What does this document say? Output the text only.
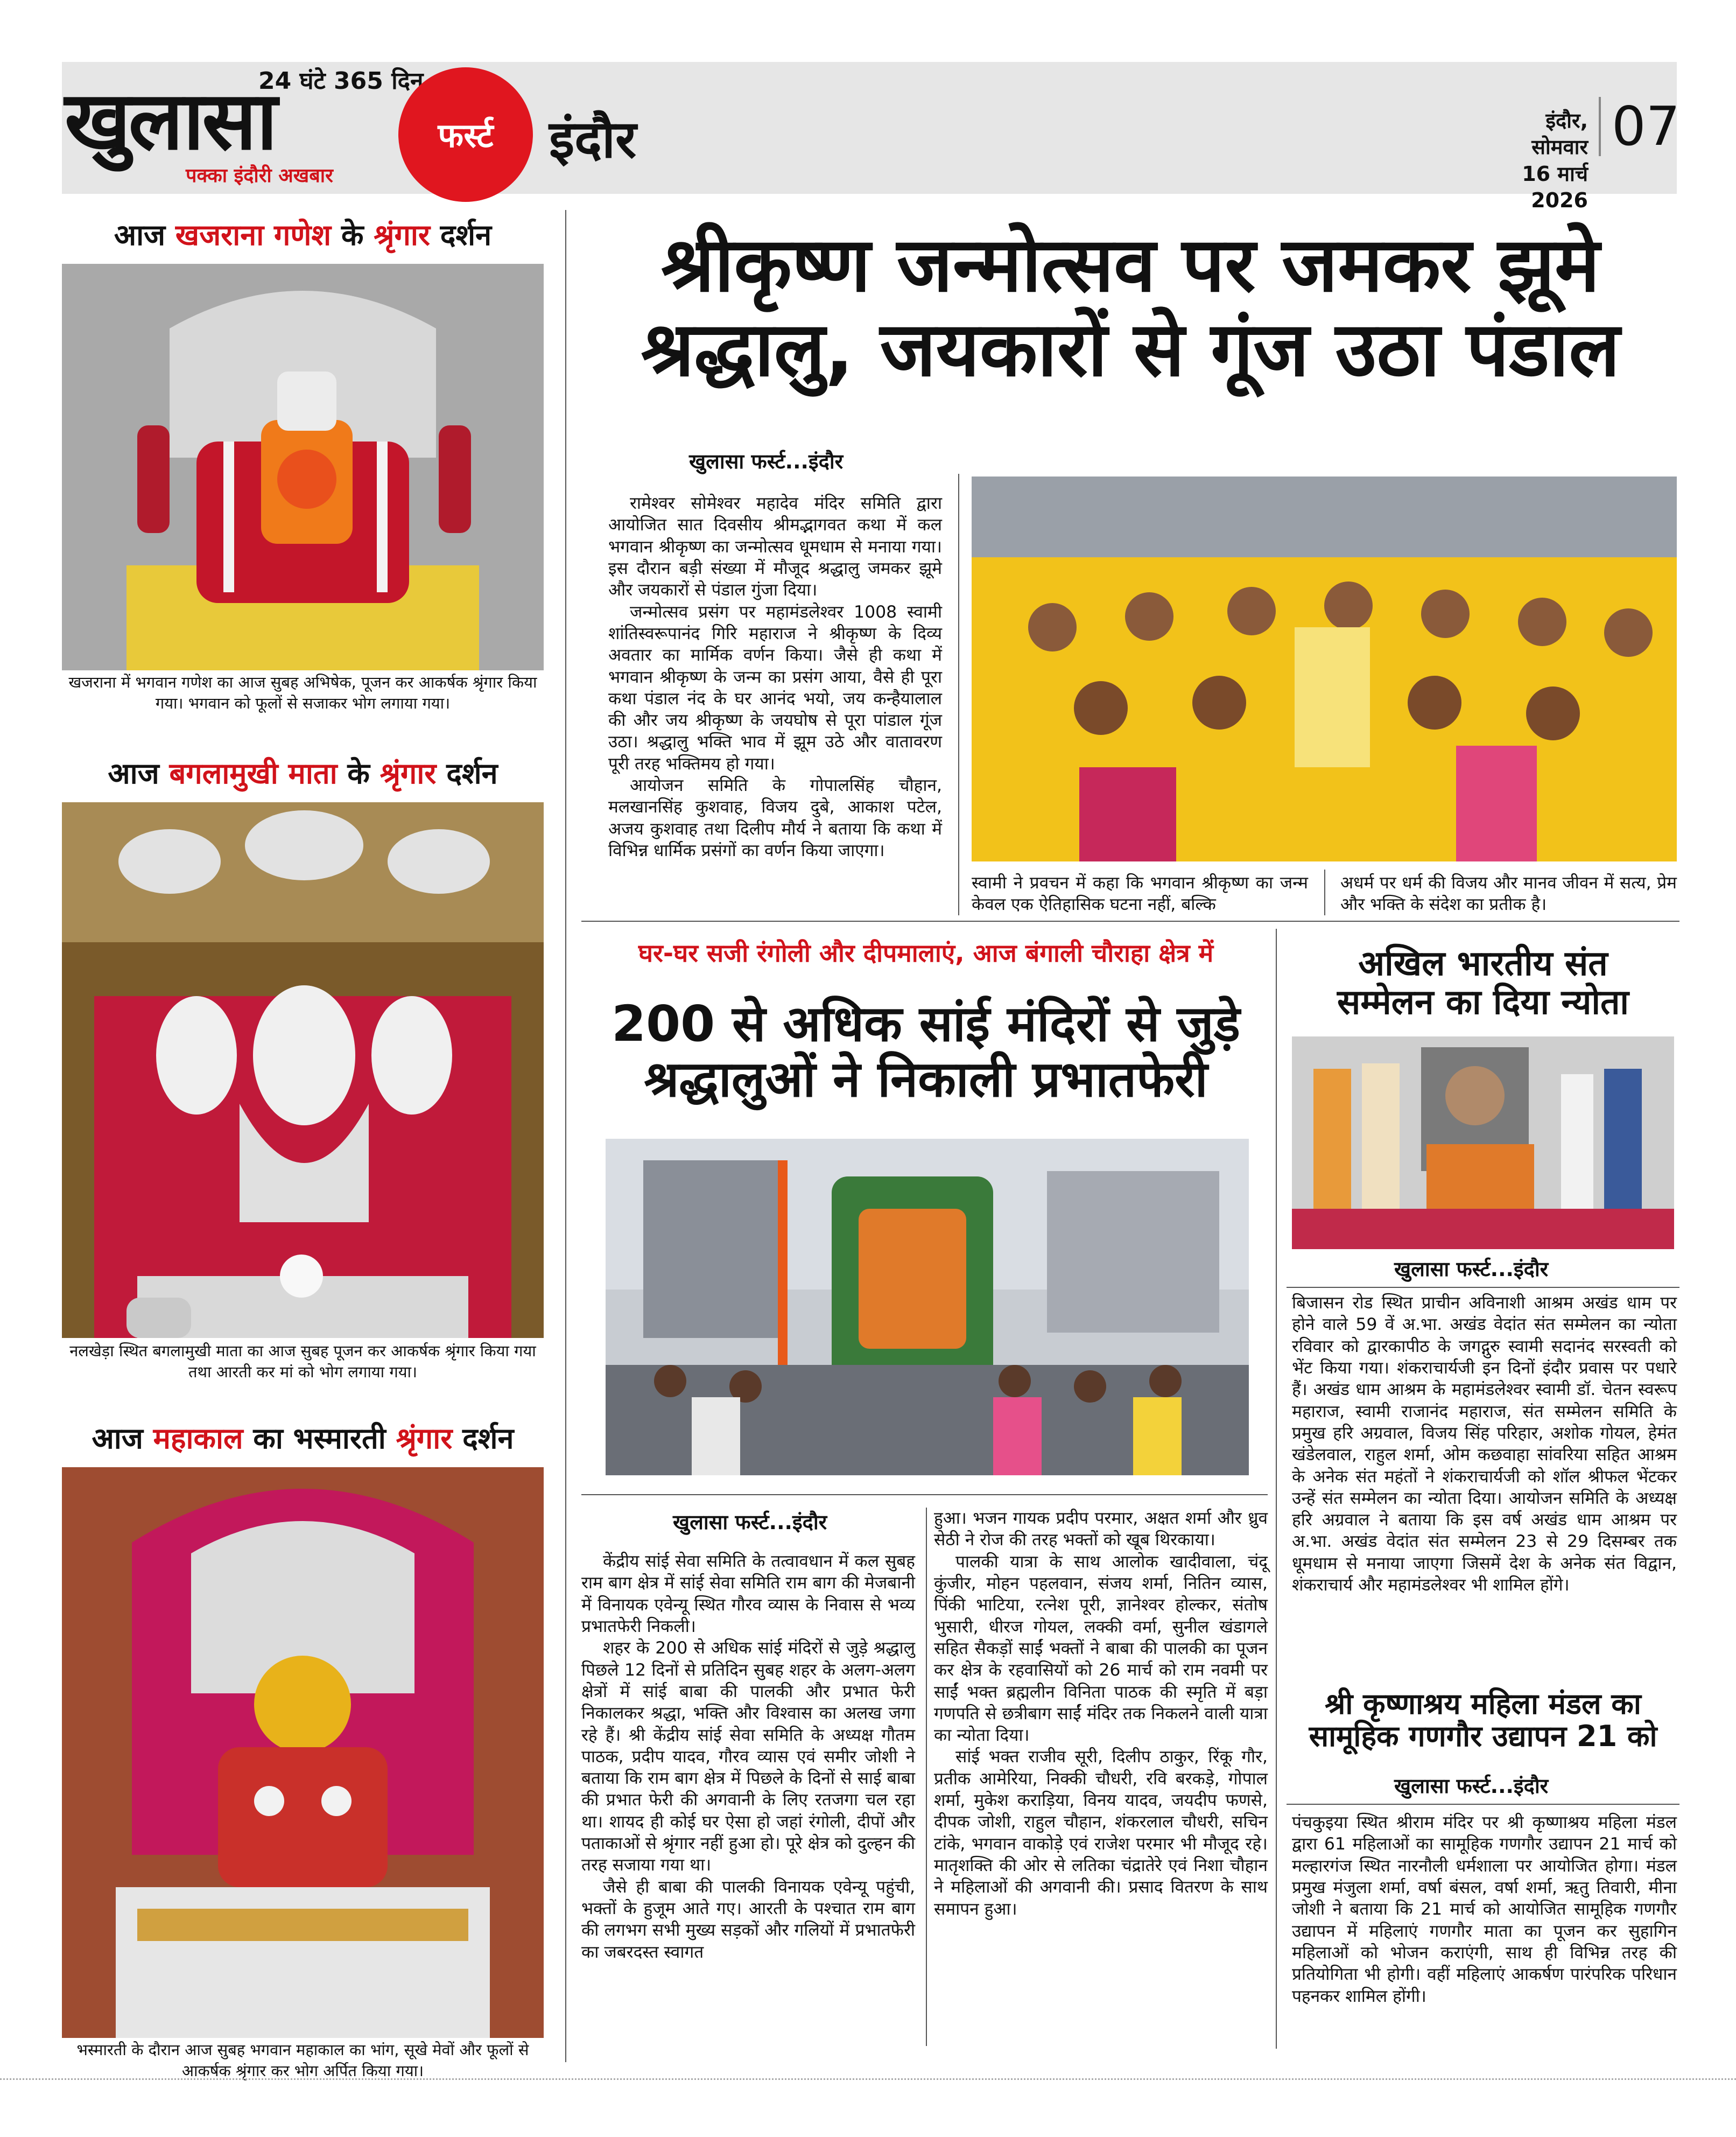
24 घंटे 365 दिन
खुलासा
पक्का इंदौरी अखबार
फर्स्ट इंदौर	इंदौर, सोमवार
16 मार्च 2026
07
आज खजराना गणेश के श्रृंगार दर्शन
खजराना में भगवान गणेश का आज सुबह अभिषेक, पूजन कर आकर्षक श्रृंगार किया गया। भगवान को फूलों से सजाकर भोग लगाया गया।
आज बगलामुखी माता के श्रृंगार दर्शन
नलखेड़ा स्थित बगलामुखी माता का आज सुबह पूजन कर आकर्षक श्रृंगार किया गया तथा आरती कर मां को भोग लगाया गया।
आज महाकाल का भस्मारती श्रृंगार दर्शन
भस्मारती के दौरान आज सुबह भगवान महाकाल का भांग, सूखे मेवों और फूलों से आकर्षक श्रृंगार कर भोग अर्पित किया गया।
श्रीकृष्ण जन्मोत्सव पर जमकर झूमे
श्रद्धालु, जयकारों से गूंज उठा पंडाल
खुलासा फर्स्ट...इंदौर

रामेश्वर सोमेश्वर महादेव मंदिर समिति द्वारा आयोजित सात दिवसीय श्रीमद्भागवत कथा में कल भगवान श्रीकृष्ण का जन्मोत्सव धूमधाम से मनाया गया। इस दौरान बड़ी संख्या में मौजूद श्रद्धालु जमकर झूमे और जयकारों से पंडाल गुंजा दिया।

जन्मोत्सव प्रसंग पर महामंडलेश्वर 1008 स्वामी शांतिस्वरूपानंद गिरि महाराज ने श्रीकृष्ण के दिव्य अवतार का मार्मिक वर्णन किया। जैसे ही कथा में भगवान श्रीकृष्ण के जन्म का प्रसंग आया, वैसे ही पूरा कथा पंडाल नंद के घर आनंद भयो, जय कन्हैयालाल की और जय श्रीकृष्ण के जयघोष से पूरा पांडाल गूंज उठा। श्रद्धालु भक्ति भाव में झूम उठे और वातावरण पूरी तरह भक्तिमय हो गया।

आयोजन समिति के गोपालसिंह चौहान, मलखानसिंह कुशवाह, विजय दुबे, आकाश पटेल, अजय कुशवाह तथा दिलीप मौर्य ने बताया कि कथा में विभिन्न धार्मिक प्रसंगों का वर्णन किया जाएगा।

स्वामी ने प्रवचन में कहा कि भगवान श्रीकृष्ण का जन्म केवल एक ऐतिहासिक घटना नहीं, बल्कि
अधर्म पर धर्म की विजय और मानव जीवन में सत्य, प्रेम और भक्ति के संदेश का प्रतीक है।
घर-घर सजी रंगोली और दीपमालाएं, आज बंगाली चौराहा क्षेत्र में
200 से अधिक सांई मंदिरों से जुड़े
श्रद्धालुओं ने निकाली प्रभातफेरी
खुलासा फर्स्ट...इंदौर

केंद्रीय सांई सेवा समिति के तत्वावधान में कल सुबह राम बाग क्षेत्र में सांई सेवा समिति राम बाग की मेजबानी में विनायक एवेन्यू स्थित गौरव व्यास के निवास से भव्य प्रभातफेरी निकली।

शहर के 200 से अधिक सांई मंदिरों से जुड़े श्रद्धालु पिछले 12 दिनों से प्रतिदिन सुबह शहर के अलग-अलग क्षेत्रों में सांई बाबा की पालकी और प्रभात फेरी निकालकर श्रद्धा, भक्ति और विश्वास का अलख जगा रहे हैं। श्री केंद्रीय सांई सेवा समिति के अध्यक्ष गौतम पाठक, प्रदीप यादव, गौरव व्यास एवं समीर जोशी ने बताया कि राम बाग क्षेत्र में पिछले के दिनों से साई बाबा की प्रभात फेरी की अगवानी के लिए रतजगा चल रहा था। शायद ही कोई घर ऐसा हो जहां रंगोली, दीपों और पताकाओं से श्रृंगार नहीं हुआ हो। पूरे क्षेत्र को दुल्हन की तरह सजाया गया था।

जैसे ही बाबा की पालकी विनायक एवेन्यू पहुंची, भक्तों के हुजूम आते गए। आरती के पश्चात राम बाग की लगभग सभी मुख्य सड़कों और गलियों में प्रभातफेरी का जबरदस्त स्वागत

हुआ। भजन गायक प्रदीप परमार, अक्षत शर्मा और ध्रुव सेठी ने रोज की तरह भक्तों को खूब थिरकाया।

पालकी यात्रा के साथ आलोक खादीवाला, चंदू कुंजीर, मोहन पहलवान, संजय शर्मा, नितिन व्यास, पिंकी भाटिया, रत्नेश पूरी, ज्ञानेश्वर होल्कर, संतोष भुसारी, धीरज गोयल, लक्की वर्मा, सुनील खंडागले सहित सैकड़ों साईं भक्तों ने बाबा की पालकी का पूजन कर क्षेत्र के रहवासियों को 26 मार्च को राम नवमी पर साईं भक्त ब्रह्मलीन विनिता पाठक की स्मृति में बड़ा गणपति से छत्रीबाग साईं मंदिर तक निकलने वाली यात्रा का न्योता दिया।

सांई भक्त राजीव सूरी, दिलीप ठाकुर, रिंकू गौर, प्रतीक आमेरिया, निक्की चौधरी, रवि बरकड़े, गोपाल शर्मा, मुकेश कराड़िया, विनय यादव, जयदीप फणसे, दीपक जोशी, राहुल चौहान, शंकरलाल चौधरी, सचिन टांके, भगवान वाकोड़े एवं राजेश परमार भी मौजूद रहे। मातृशक्ति की ओर से लतिका चंद्रातेरे एवं निशा चौहान ने महिलाओं की अगवानी की। प्रसाद वितरण के साथ समापन हुआ।

अखिल भारतीय संत
सम्मेलन का दिया न्योता
खुलासा फर्स्ट...इंदौर
बिजासन रोड स्थित प्राचीन अविनाशी आश्रम अखंड धाम पर होने वाले 59 वें अ.भा. अखंड वेदांत संत सम्मेलन का न्योता रविवार को द्वारकापीठ के जगद्गुरु स्वामी सदानंद सरस्वती को भेंट किया गया। शंकराचार्यजी इन दिनों इंदौर प्रवास पर पधारे हैं। अखंड धाम आश्रम के महामंडलेश्वर स्वामी डॉ. चेतन स्वरूप महाराज, स्वामी राजानंद महाराज, संत सम्मेलन समिति के प्रमुख हरि अग्रवाल, विजय सिंह परिहार, अशोक गोयल, हेमंत खंडेलवाल, राहुल शर्मा, ओम कछवाहा सांवरिया सहित आश्रम के अनेक संत महंतों ने शंकराचार्यजी को शॉल श्रीफल भेंटकर उन्हें संत सम्मेलन का न्योता दिया। आयोजन समिति के अध्यक्ष हरि अग्रवाल ने बताया कि इस वर्ष अखंड धाम आश्रम पर अ.भा. अखंड वेदांत संत सम्मेलन 23 से 29 दिसम्बर तक धूमधाम से मनाया जाएगा जिसमें देश के अनेक संत विद्वान, शंकराचार्य और महामंडलेश्वर भी शामिल होंगे।
श्री कृष्णाश्रय महिला मंडल का
सामूहिक गणगौर उद्यापन 21 को
खुलासा फर्स्ट...इंदौर
पंचकुइया स्थित श्रीराम मंदिर पर श्री कृष्णाश्रय महिला मंडल द्वारा 61 महिलाओं का सामूहिक गणगौर उद्यापन 21 मार्च को मल्हारगंज स्थित नारनौली धर्मशाला पर आयोजित होगा। मंडल प्रमुख मंजुला शर्मा, वर्षा बंसल, वर्षा शर्मा, ऋतु तिवारी, मीना जोशी ने बताया कि 21 मार्च को आयोजित सामूहिक गणगौर उद्यापन में महिलाएं गणगौर माता का पूजन कर सुहागिन महिलाओं को भोजन कराएंगी, साथ ही विभिन्न तरह की प्रतियोगिता भी होगी। वहीं महिलाएं आकर्षण पारंपरिक परिधान पहनकर शामिल होंगी।
